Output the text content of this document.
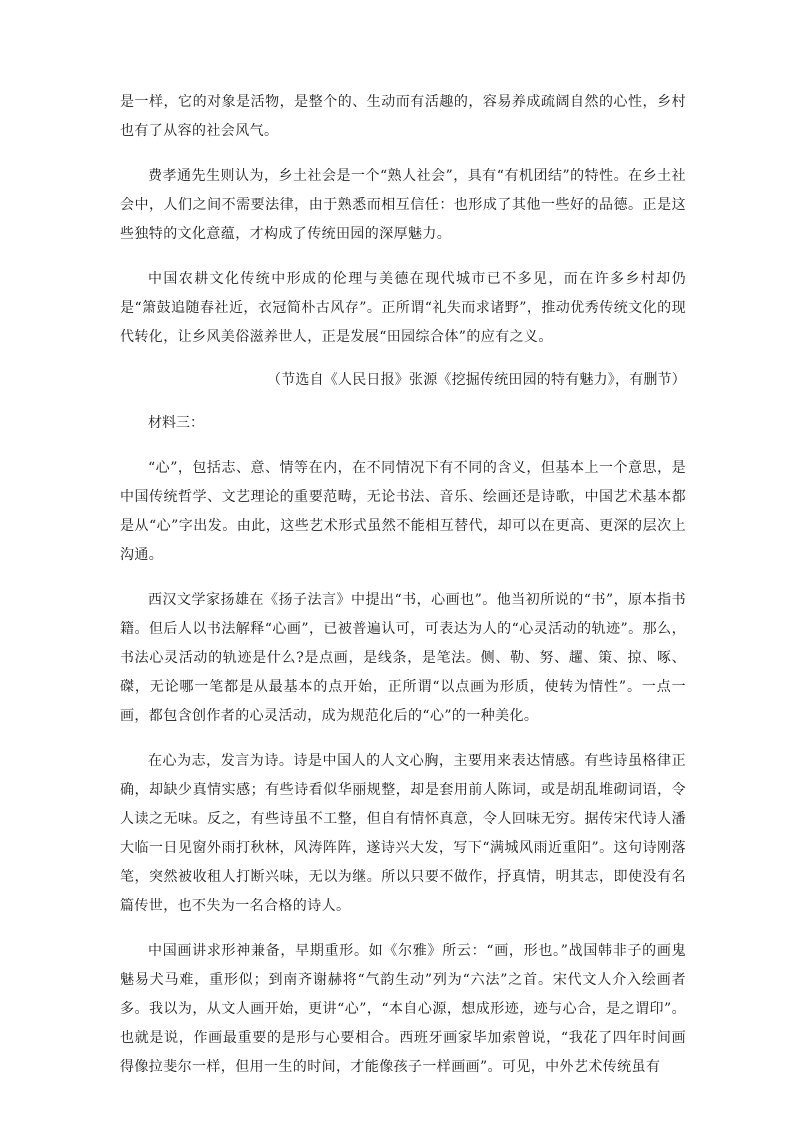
是一样，它的对象是活物，是整个的、生动而有活趣的，容易养成疏阔自然的心性，乡村也有了从容的社会风气。

费孝通先生则认为，乡土社会是一个“熟人社会”，具有“有机团结”的特性。在乡土社会中，人们之间不需要法律，由于熟悉而相互信任：也形成了其他一些好的品德。正是这些独特的文化意蕴，才构成了传统田园的深厚魅力。

中国农耕文化传统中形成的伦理与美德在现代城市已不多见，而在许多乡村却仍是“箫鼓追随春社近，衣冠简朴古风存”。正所谓“礼失而求诸野”，推动优秀传统文化的现代转化，让乡风美俗滋养世人，正是发展“田园综合体”的应有之义。

（节选自《人民日报》张源《挖掘传统田园的特有魅力》，有删节）

材料三：

“心”，包括志、意、情等在内，在不同情况下有不同的含义，但基本上一个意思，是中国传统哲学、文艺理论的重要范畴，无论书法、音乐、绘画还是诗歌，中国艺术基本都是从“心”字出发。由此，这些艺术形式虽然不能相互替代，却可以在更高、更深的层次上沟通。

西汉文学家扬雄在《扬子法言》中提出“书，心画也”。他当初所说的“书”，原本指书籍。但后人以书法解释“心画”，已被普遍认可，可表达为人的“心灵活动的轨迹”。那么，书法心灵活动的轨迹是什么?是点画，是线条，是笔法。侧、勒、努、趯、策、掠、啄、磔，无论哪一笔都是从最基本的点开始，正所谓“以点画为形质，使转为情性”。一点一画，都包含创作者的心灵活动，成为规范化后的“心”的一种美化。

在心为志，发言为诗。诗是中国人的人文心胸，主要用来表达情感。有些诗虽格律正确，却缺少真情实感；有些诗看似华丽规整，却是套用前人陈词，或是胡乱堆砌词语，令人读之无味。反之，有些诗虽不工整，但自有情怀真意，令人回味无穷。据传宋代诗人潘大临一日见窗外雨打秋林，风涛阵阵，遂诗兴大发，写下“满城风雨近重阳”。这句诗刚落笔，突然被收租人打断兴味，无以为继。所以只要不做作，抒真情，明其志，即使没有名篇传世，也不失为一名合格的诗人。

中国画讲求形神兼备，早期重形。如《尔雅》所云：“画，形也。”战国韩非子的画鬼魅易犬马难，重形似；到南齐谢赫将“气韵生动”列为“六法”之首。宋代文人介入绘画者多。我以为，从文人画开始，更讲“心”，“本自心源，想成形迹，迹与心合，是之谓印”。也就是说，作画最重要的是形与心要相合。西班牙画家毕加索曾说，“我花了四年时间画得像拉斐尔一样，但用一生的时间，才能像孩子一样画画”。可见，中外艺术传统虽有
